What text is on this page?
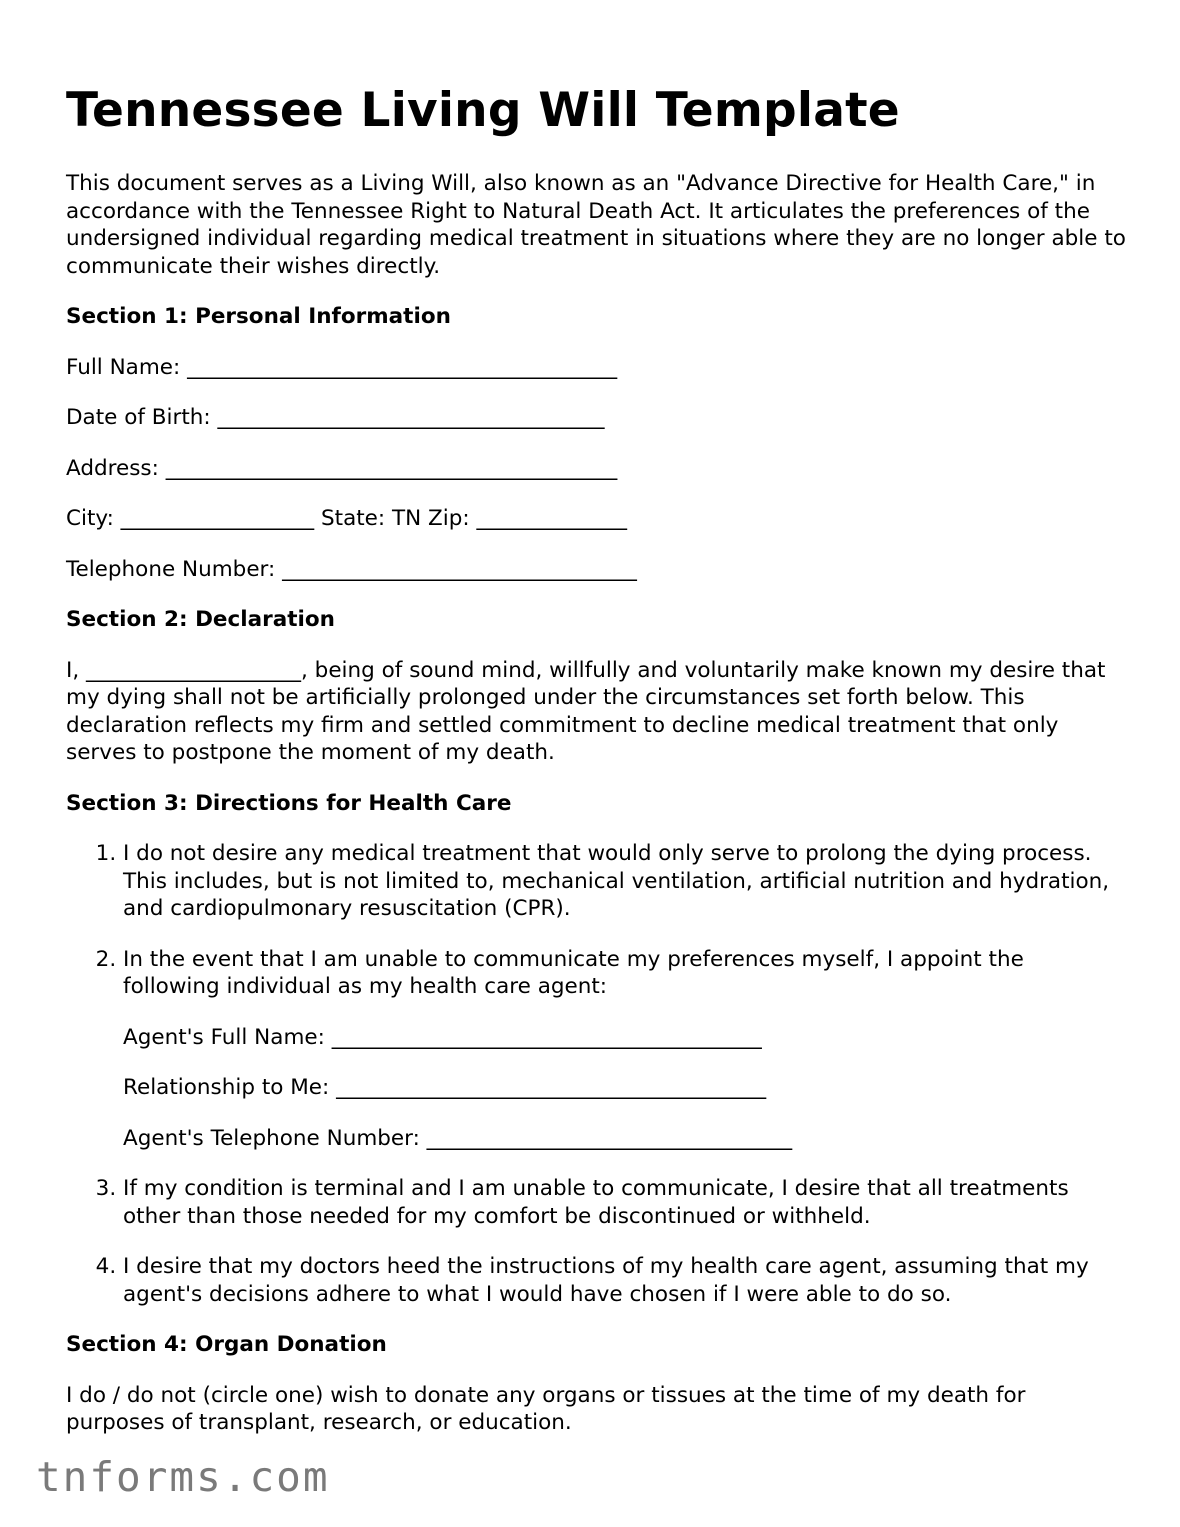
Tennessee Living Will Template

This document serves as a Living Will, also known as an "Advance Directive for Health Care," in accordance with the Tennessee Right to Natural Death Act. It articulates the preferences of the undersigned individual regarding medical treatment in situations where they are no longer able to communicate their wishes directly.

Section 1: Personal Information
Full Name: ________________________________________
Date of Birth: ____________________________________
Address: __________________________________________
City: __________________ State: TN Zip: ______________
Telephone Number: _________________________________
Section 2: Declaration

I, ____________________, being of sound mind, willfully and voluntarily make known my desire that my dying shall not be artificially prolonged under the circumstances set forth below. This declaration reflects my firm and settled commitment to decline medical treatment that only serves to postpone the moment of my death.

Section 3: Directions for Health Care
1. I do not desire any medical treatment that would only serve to prolong the dying process. This includes, but is not limited to, mechanical ventilation, artificial nutrition and hydration, and cardiopulmonary resuscitation (CPR).
2. In the event that I am unable to communicate my preferences myself, I appoint the following individual as my health care agent:
Agent's Full Name: ________________________________________
Relationship to Me: ________________________________________
Agent's Telephone Number: __________________________________
3. If my condition is terminal and I am unable to communicate, I desire that all treatments other than those needed for my comfort be discontinued or withheld.
4. I desire that my doctors heed the instructions of my health care agent, assuming that my agent's decisions adhere to what I would have chosen if I were able to do so.
Section 4: Organ Donation

I do / do not (circle one) wish to donate any organs or tissues at the time of my death for purposes of transplant, research, or education.

tnforms.com
